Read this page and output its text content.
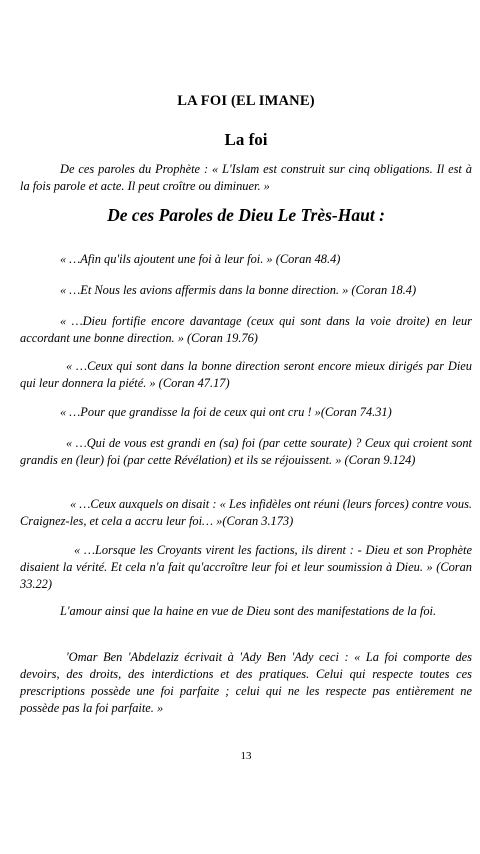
LA FOI (EL IMANE)
La foi

De ces paroles du Prophète : « L'Islam est construit sur cinq obligations. Il est à la fois parole et acte. Il peut croître ou diminuer. »

De ces Paroles de Dieu Le Très-Haut :

« …Afin qu'ils ajoutent une foi à leur foi. » (Coran 48.4)

« …Et Nous les avions affermis dans la bonne direction. » (Coran 18.4)

« …Dieu fortifie encore davantage (ceux qui sont dans la voie droite) en leur accordant une bonne direction. » (Coran 19.76)

« …Ceux qui sont dans la bonne direction seront encore mieux dirigés par Dieu qui leur donnera la piété. » (Coran 47.17)

« …Pour que grandisse la foi de ceux qui ont cru ! »(Coran 74.31)

« …Qui de vous est grandi en (sa) foi (par cette sourate) ? Ceux qui croient sont grandis en (leur) foi (par cette Révélation) et ils se réjouissent. » (Coran 9.124)

« …Ceux auxquels on disait : « Les infidèles ont réuni (leurs forces) contre vous. Craignez-les, et cela a accru leur foi… »(Coran 3.173)

« …Lorsque les Croyants virent les factions, ils dirent : - Dieu et son Prophète disaient la vérité. Et cela n'a fait qu'accroître leur foi et leur soumission à Dieu. » (Coran 33.22)

L'amour ainsi que la haine en vue de Dieu sont des manifestations de la foi.

'Omar Ben 'Abdelaziz écrivait à 'Ady Ben 'Ady ceci : « La foi comporte des devoirs, des droits, des interdictions et des pratiques. Celui qui respecte toutes ces prescriptions possède une foi parfaite ; celui qui ne les respecte pas entièrement ne possède pas la foi parfaite. »

13
